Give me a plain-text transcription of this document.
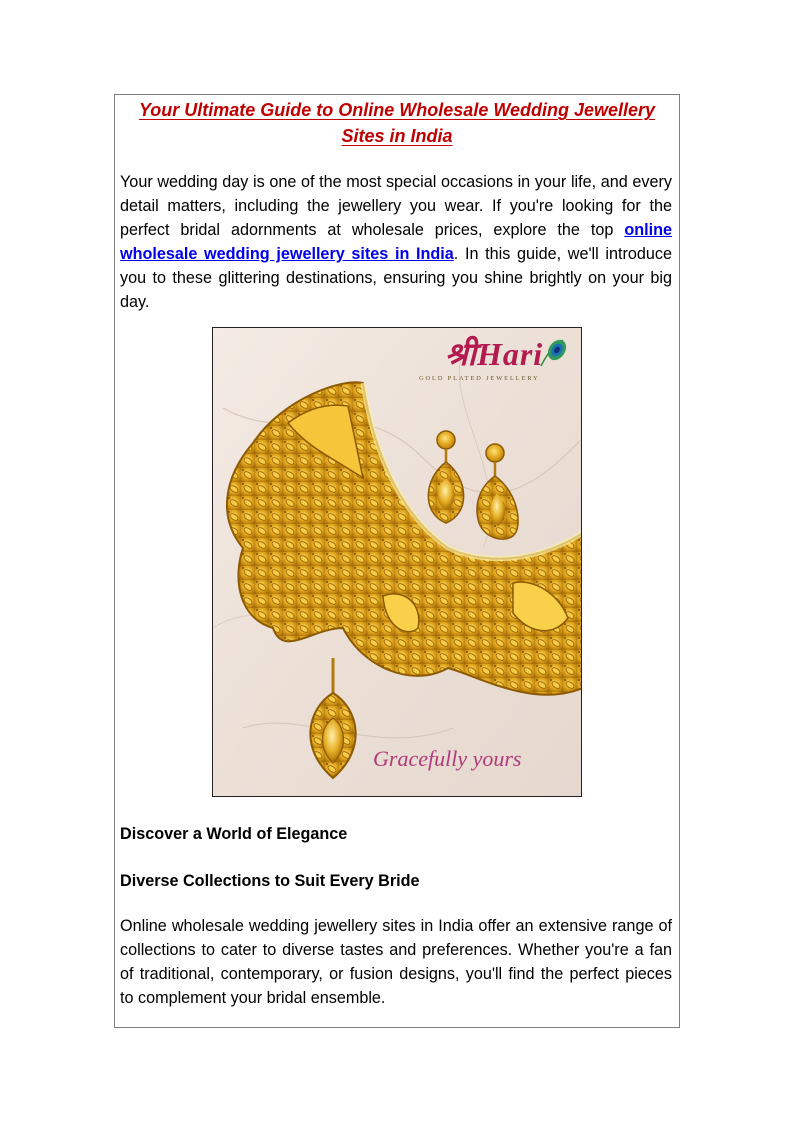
Your Ultimate Guide to Online Wholesale Wedding Jewellery Sites in India

Your wedding day is one of the most special occasions in your life, and every detail matters, including the jewellery you wear. If you're looking for the perfect bridal adornments at wholesale prices, explore the top online wholesale wedding jewellery sites in India. In this guide, we'll introduce you to these glittering destinations, ensuring you shine brightly on your big day.

श्रीHari
GOLD PLATED JEWELLERY
Gracefully yours
Discover a World of Elegance
Diverse Collections to Suit Every Bride

Online wholesale wedding jewellery sites in India offer an extensive range of collections to cater to diverse tastes and preferences. Whether you're a fan of traditional, contemporary, or fusion designs, you'll find the perfect pieces to complement your bridal ensemble.
